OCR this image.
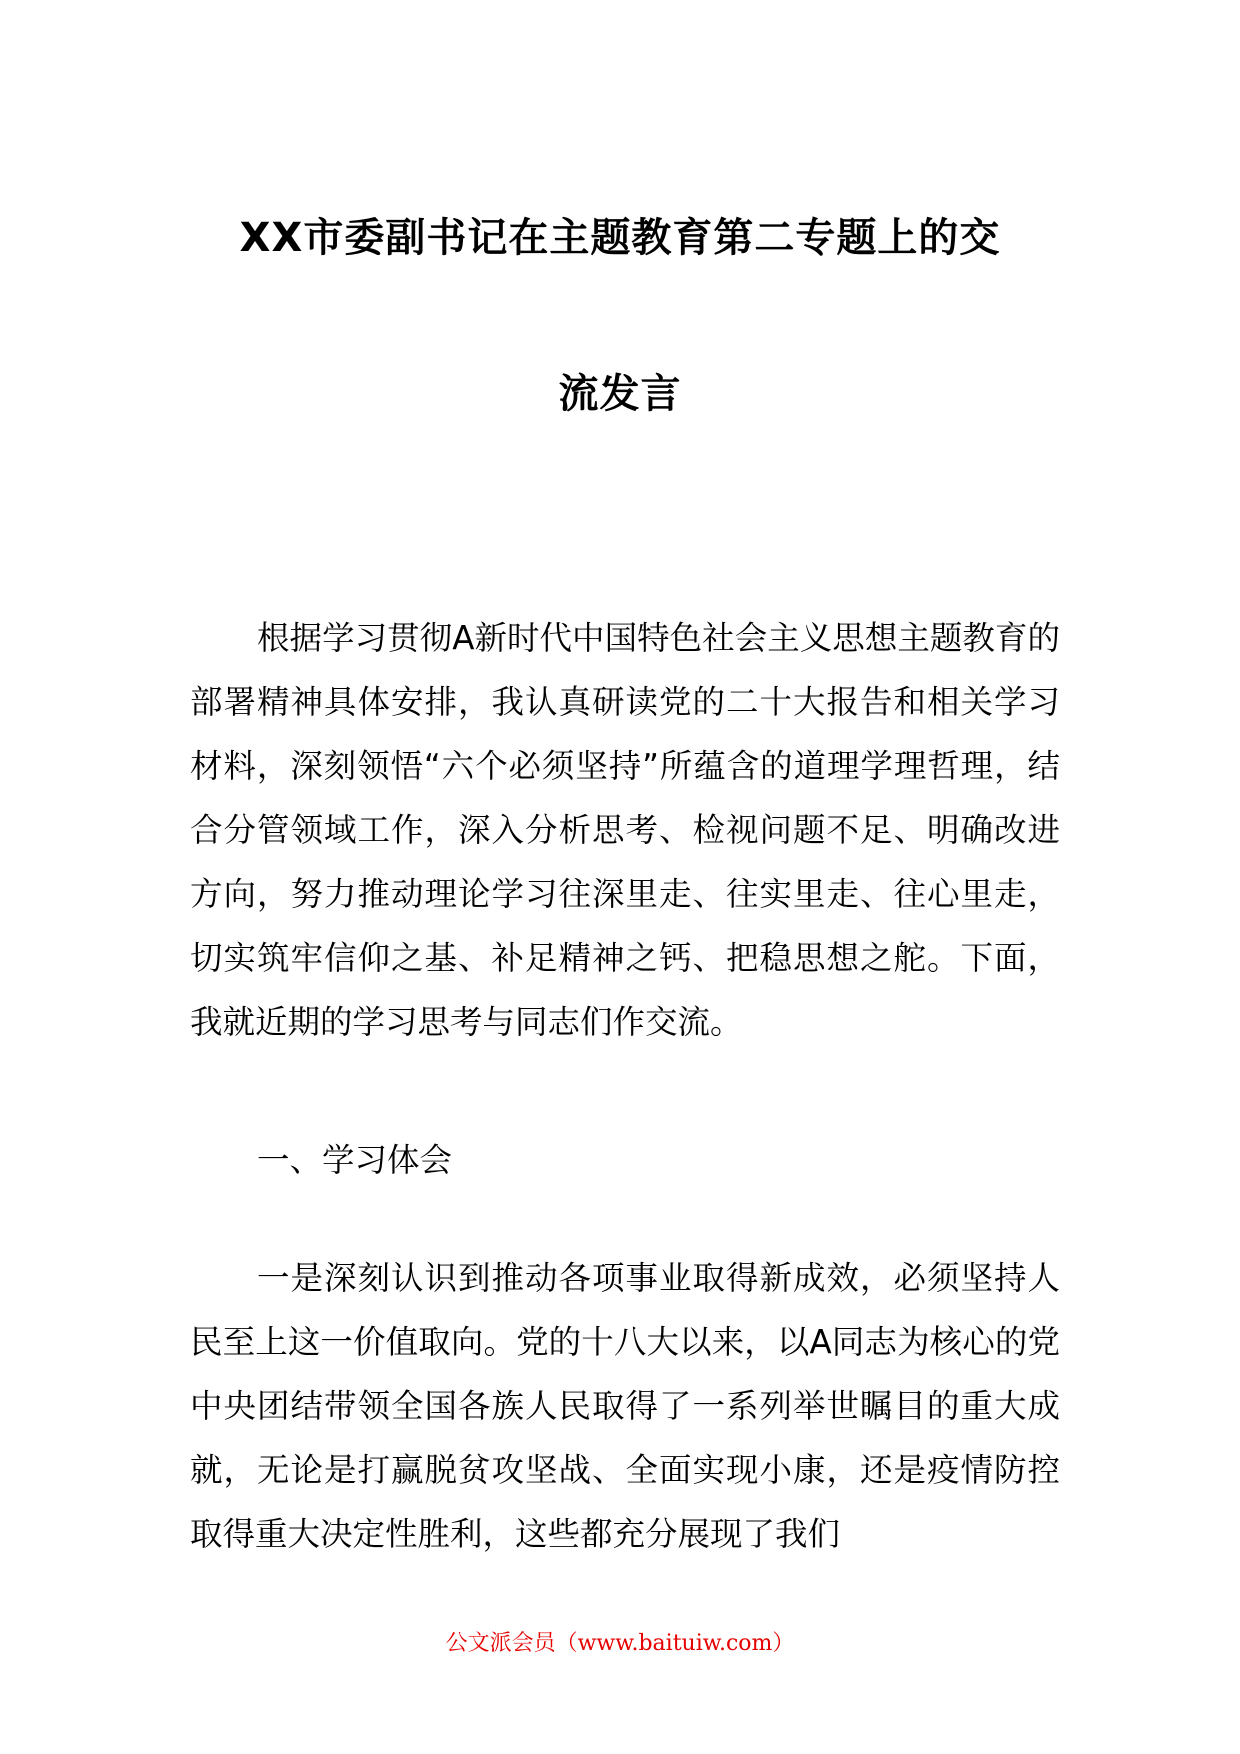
XX市委副书记在主题教育第二专题上的交
流发言

根据学习贯彻A新时代中国特色社会主义思想主题教育的部署精神具体安排，我认真研读党的二十大报告和相关学习材料，深刻领悟“六个必须坚持”所蕴含的道理学理哲理，结合分管领域工作，深入分析思考、检视问题不足、明确改进方向，努力推动理论学习往深里走、往实里走、往心里走，切实筑牢信仰之基、补足精神之钙、把稳思想之舵。下面，我就近期的学习思考与同志们作交流。

一、学习体会

一是深刻认识到推动各项事业取得新成效，必须坚持人民至上这一价值取向。党的十八大以来，以A同志为核心的党中央团结带领全国各族人民取得了一系列举世瞩目的重大成就，无论是打赢脱贫攻坚战、全面实现小康，还是疫情防控取得重大决定性胜利，这些都充分展现了我们

公文派会员（www.baituiw.com）
